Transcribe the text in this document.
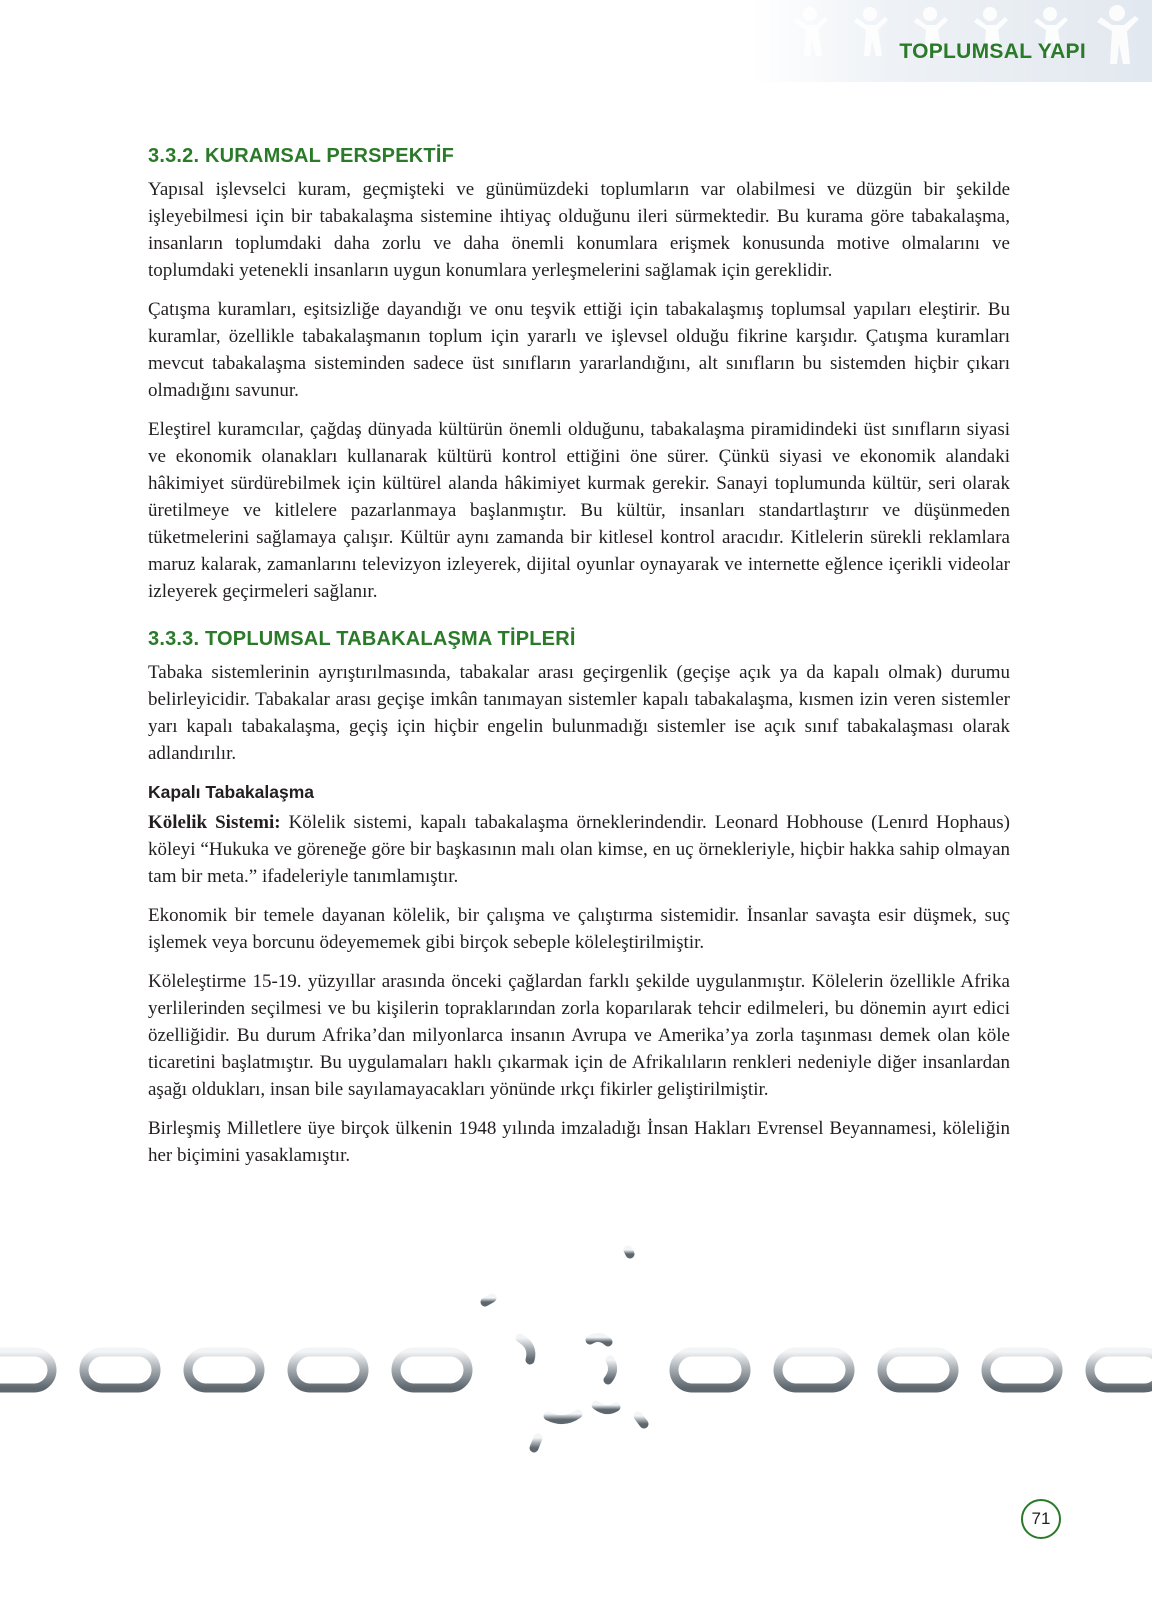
TOPLUMSAL YAPI
3.3.2. KURAMSAL PERSPEKTİF

Yapısal işlevselci kuram, geçmişteki ve günümüzdeki toplumların var olabilmesi ve düzgün bir şekilde işleyebilmesi için bir tabakalaşma sistemine ihtiyaç olduğunu ileri sürmektedir. Bu kurama göre tabakalaşma, insanların toplumdaki daha zorlu ve daha önemli konumlara erişmek konusunda motive olmalarını ve toplumdaki yetenekli insanların uygun konumlara yerleşmelerini sağlamak için gereklidir.

Çatışma kuramları, eşitsizliğe dayandığı ve onu teşvik ettiği için tabakalaşmış toplumsal yapıları eleştirir. Bu kuramlar, özellikle tabakalaşmanın toplum için yararlı ve işlevsel olduğu fikrine karşıdır. Çatışma kuramları mevcut tabakalaşma sisteminden sadece üst sınıfların yararlandığını, alt sınıfların bu sistemden hiçbir çıkarı olmadığını savunur.

Eleştirel kuramcılar, çağdaş dünyada kültürün önemli olduğunu, tabakalaşma piramidindeki üst sınıfların siyasi ve ekonomik olanakları kullanarak kültürü kontrol ettiğini öne sürer. Çünkü siyasi ve ekonomik alandaki hâkimiyet sürdürebilmek için kültürel alanda hâkimiyet kurmak gerekir. Sanayi toplumunda kültür, seri olarak üretilmeye ve kitlelere pazarlanmaya başlanmıştır. Bu kültür, insanları standartlaştırır ve düşünmeden tüketmelerini sağlamaya çalışır. Kültür aynı zamanda bir kitlesel kontrol aracıdır. Kitlelerin sürekli reklamlara maruz kalarak, zamanlarını televizyon izleyerek, dijital oyunlar oynayarak ve internette eğlence içerikli videolar izleyerek geçirmeleri sağlanır.

3.3.3. TOPLUMSAL TABAKALAŞMA TİPLERİ

Tabaka sistemlerinin ayrıştırılmasında, tabakalar arası geçirgenlik (geçişe açık ya da kapalı olmak) durumu belirleyicidir. Tabakalar arası geçişe imkân tanımayan sistemler kapalı tabakalaşma, kısmen izin veren sistemler yarı kapalı tabakalaşma, geçiş için hiçbir engelin bulunmadığı sistemler ise açık sınıf tabakalaşması olarak adlandırılır.

Kapalı Tabakalaşma

Kölelik Sistemi: Kölelik sistemi, kapalı tabakalaşma örneklerindendir. Leonard Hobhouse (Lenırd Hophaus) köleyi “Hukuka ve göreneğe göre bir başkasının malı olan kimse, en uç örnekleriyle, hiçbir hakka sahip olmayan tam bir meta.” ifadeleriyle tanımlamıştır.

Ekonomik bir temele dayanan kölelik, bir çalışma ve çalıştırma sistemidir. İnsanlar savaşta esir düşmek, suç işlemek veya borcunu ödeyememek gibi birçok sebeple köleleştirilmiştir.

Köleleştirme 15-19. yüzyıllar arasında önceki çağlardan farklı şekilde uygulanmıştır. Kölelerin özellikle Afrika yerlilerinden seçilmesi ve bu kişilerin topraklarından zorla koparılarak tehcir edilmeleri, bu dönemin ayırt edici özelliğidir. Bu durum Afrika’dan milyonlarca insanın Avrupa ve Amerika’ya zorla taşınması demek olan köle ticaretini başlatmıştır. Bu uygulamaları haklı çıkarmak için de Afrikalıların renkleri nedeniyle diğer insanlardan aşağı oldukları, insan bile sayılamayacakları yönünde ırkçı fikirler geliştirilmiştir.

Birleşmiş Milletlere üye birçok ülkenin 1948 yılında imzaladığı İnsan Hakları Evrensel Beyannamesi, köleliğin her biçimini yasaklamıştır.

71
